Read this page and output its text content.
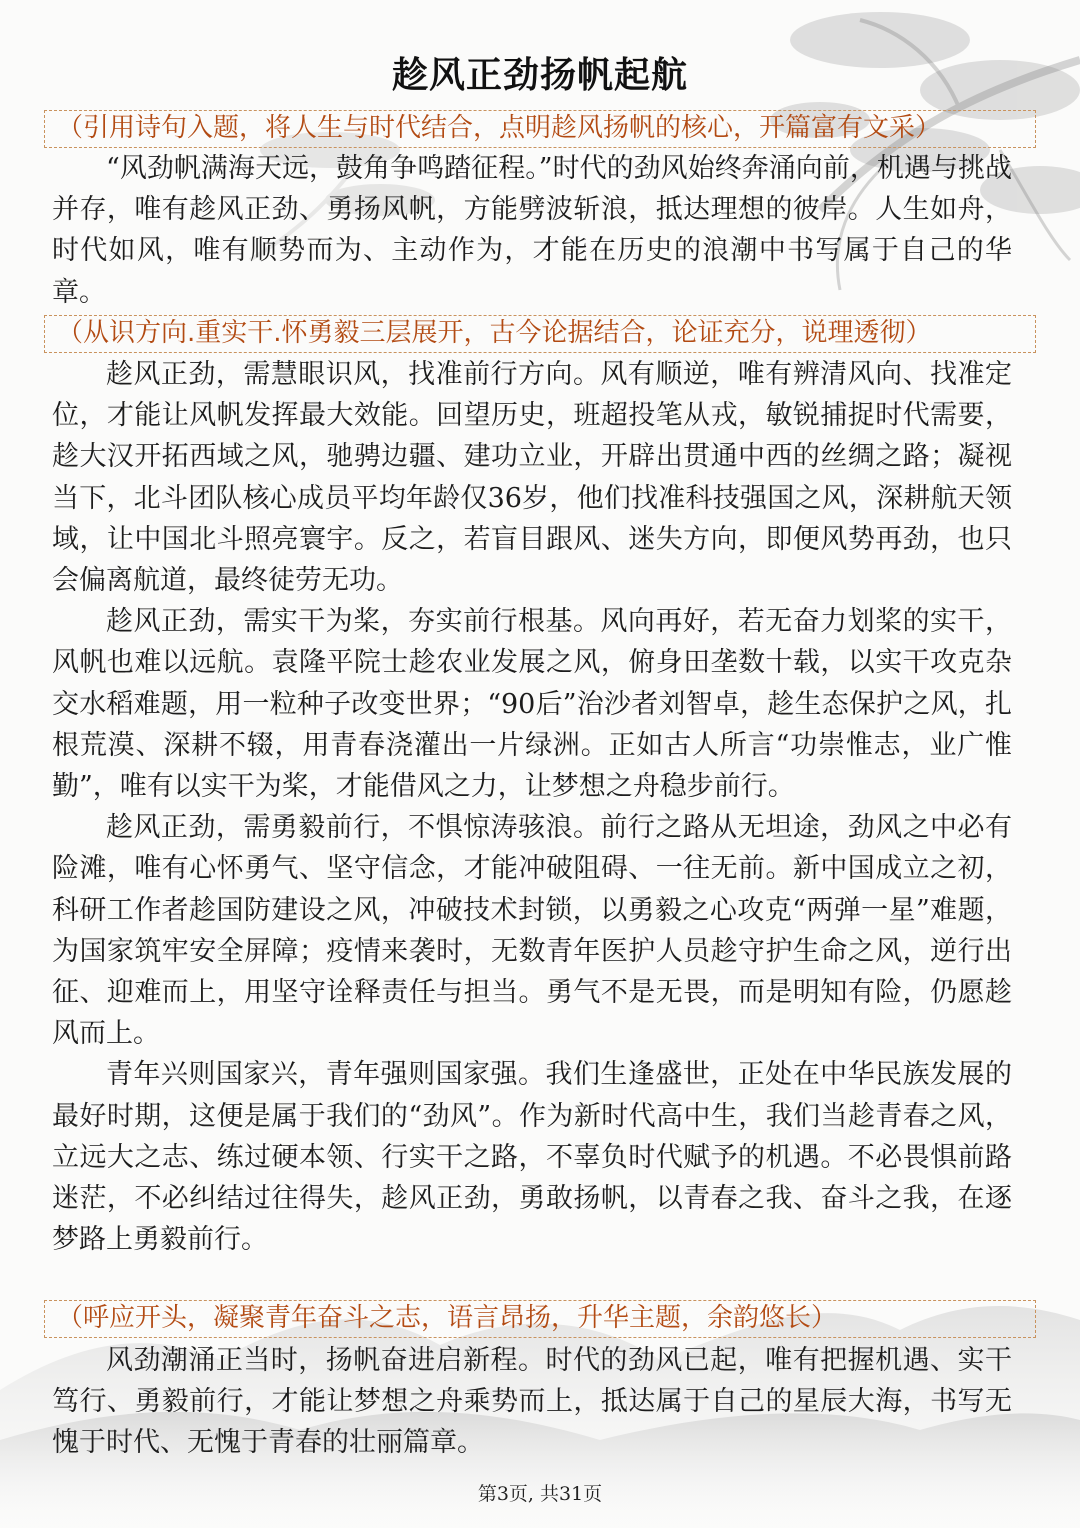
趁风正劲扬帆起航
（引用诗句入题，将人生与时代结合，点明趁风扬帆的核心，开篇富有文采）

“风劲帆满海天远，鼓角争鸣踏征程。”时代的劲风始终奔涌向前，机遇与挑战并存，唯有趁风正劲、勇扬风帆，方能劈波斩浪，抵达理想的彼岸。人生如舟，时代如风，唯有顺势而为、主动作为，才能在历史的浪潮中书写属于自己的华章。

（从识方向.重实干.怀勇毅三层展开，古今论据结合，论证充分，说理透彻）

趁风正劲，需慧眼识风，找准前行方向。风有顺逆，唯有辨清风向、找准定位，才能让风帆发挥最大效能。回望历史，班超投笔从戎，敏锐捕捉时代需要，趁大汉开拓西域之风，驰骋边疆、建功立业，开辟出贯通中西的丝绸之路；凝视当下，北斗团队核心成员平均年龄仅36岁，他们找准科技强国之风，深耕航天领域，让中国北斗照亮寰宇。反之，若盲目跟风、迷失方向，即便风势再劲，也只会偏离航道，最终徒劳无功。

趁风正劲，需实干为桨，夯实前行根基。风向再好，若无奋力划桨的实干，风帆也难以远航。袁隆平院士趁农业发展之风，俯身田垄数十载，以实干攻克杂交水稻难题，用一粒种子改变世界；“90后”治沙者刘智卓，趁生态保护之风，扎根荒漠、深耕不辍，用青春浇灌出一片绿洲。正如古人所言“功崇惟志，业广惟勤”，唯有以实干为桨，才能借风之力，让梦想之舟稳步前行。

趁风正劲，需勇毅前行，不惧惊涛骇浪。前行之路从无坦途，劲风之中必有险滩，唯有心怀勇气、坚守信念，才能冲破阻碍、一往无前。新中国成立之初，科研工作者趁国防建设之风，冲破技术封锁，以勇毅之心攻克“两弹一星”难题，为国家筑牢安全屏障；疫情来袭时，无数青年医护人员趁守护生命之风，逆行出征、迎难而上，用坚守诠释责任与担当。勇气不是无畏，而是明知有险，仍愿趁风而上。

青年兴则国家兴，青年强则国家强。我们生逢盛世，正处在中华民族发展的最好时期，这便是属于我们的“劲风”。作为新时代高中生，我们当趁青春之风，立远大之志、练过硬本领、行实干之路，不辜负时代赋予的机遇。不必畏惧前路迷茫，不必纠结过往得失，趁风正劲，勇敢扬帆，以青春之我、奋斗之我，在逐梦路上勇毅前行。

（呼应开头，凝聚青年奋斗之志，语言昂扬，升华主题，余韵悠长）

风劲潮涌正当时，扬帆奋进启新程。时代的劲风已起，唯有把握机遇、实干笃行、勇毅前行，才能让梦想之舟乘势而上，抵达属于自己的星辰大海，书写无愧于时代、无愧于青春的壮丽篇章。

第3页, 共31页
